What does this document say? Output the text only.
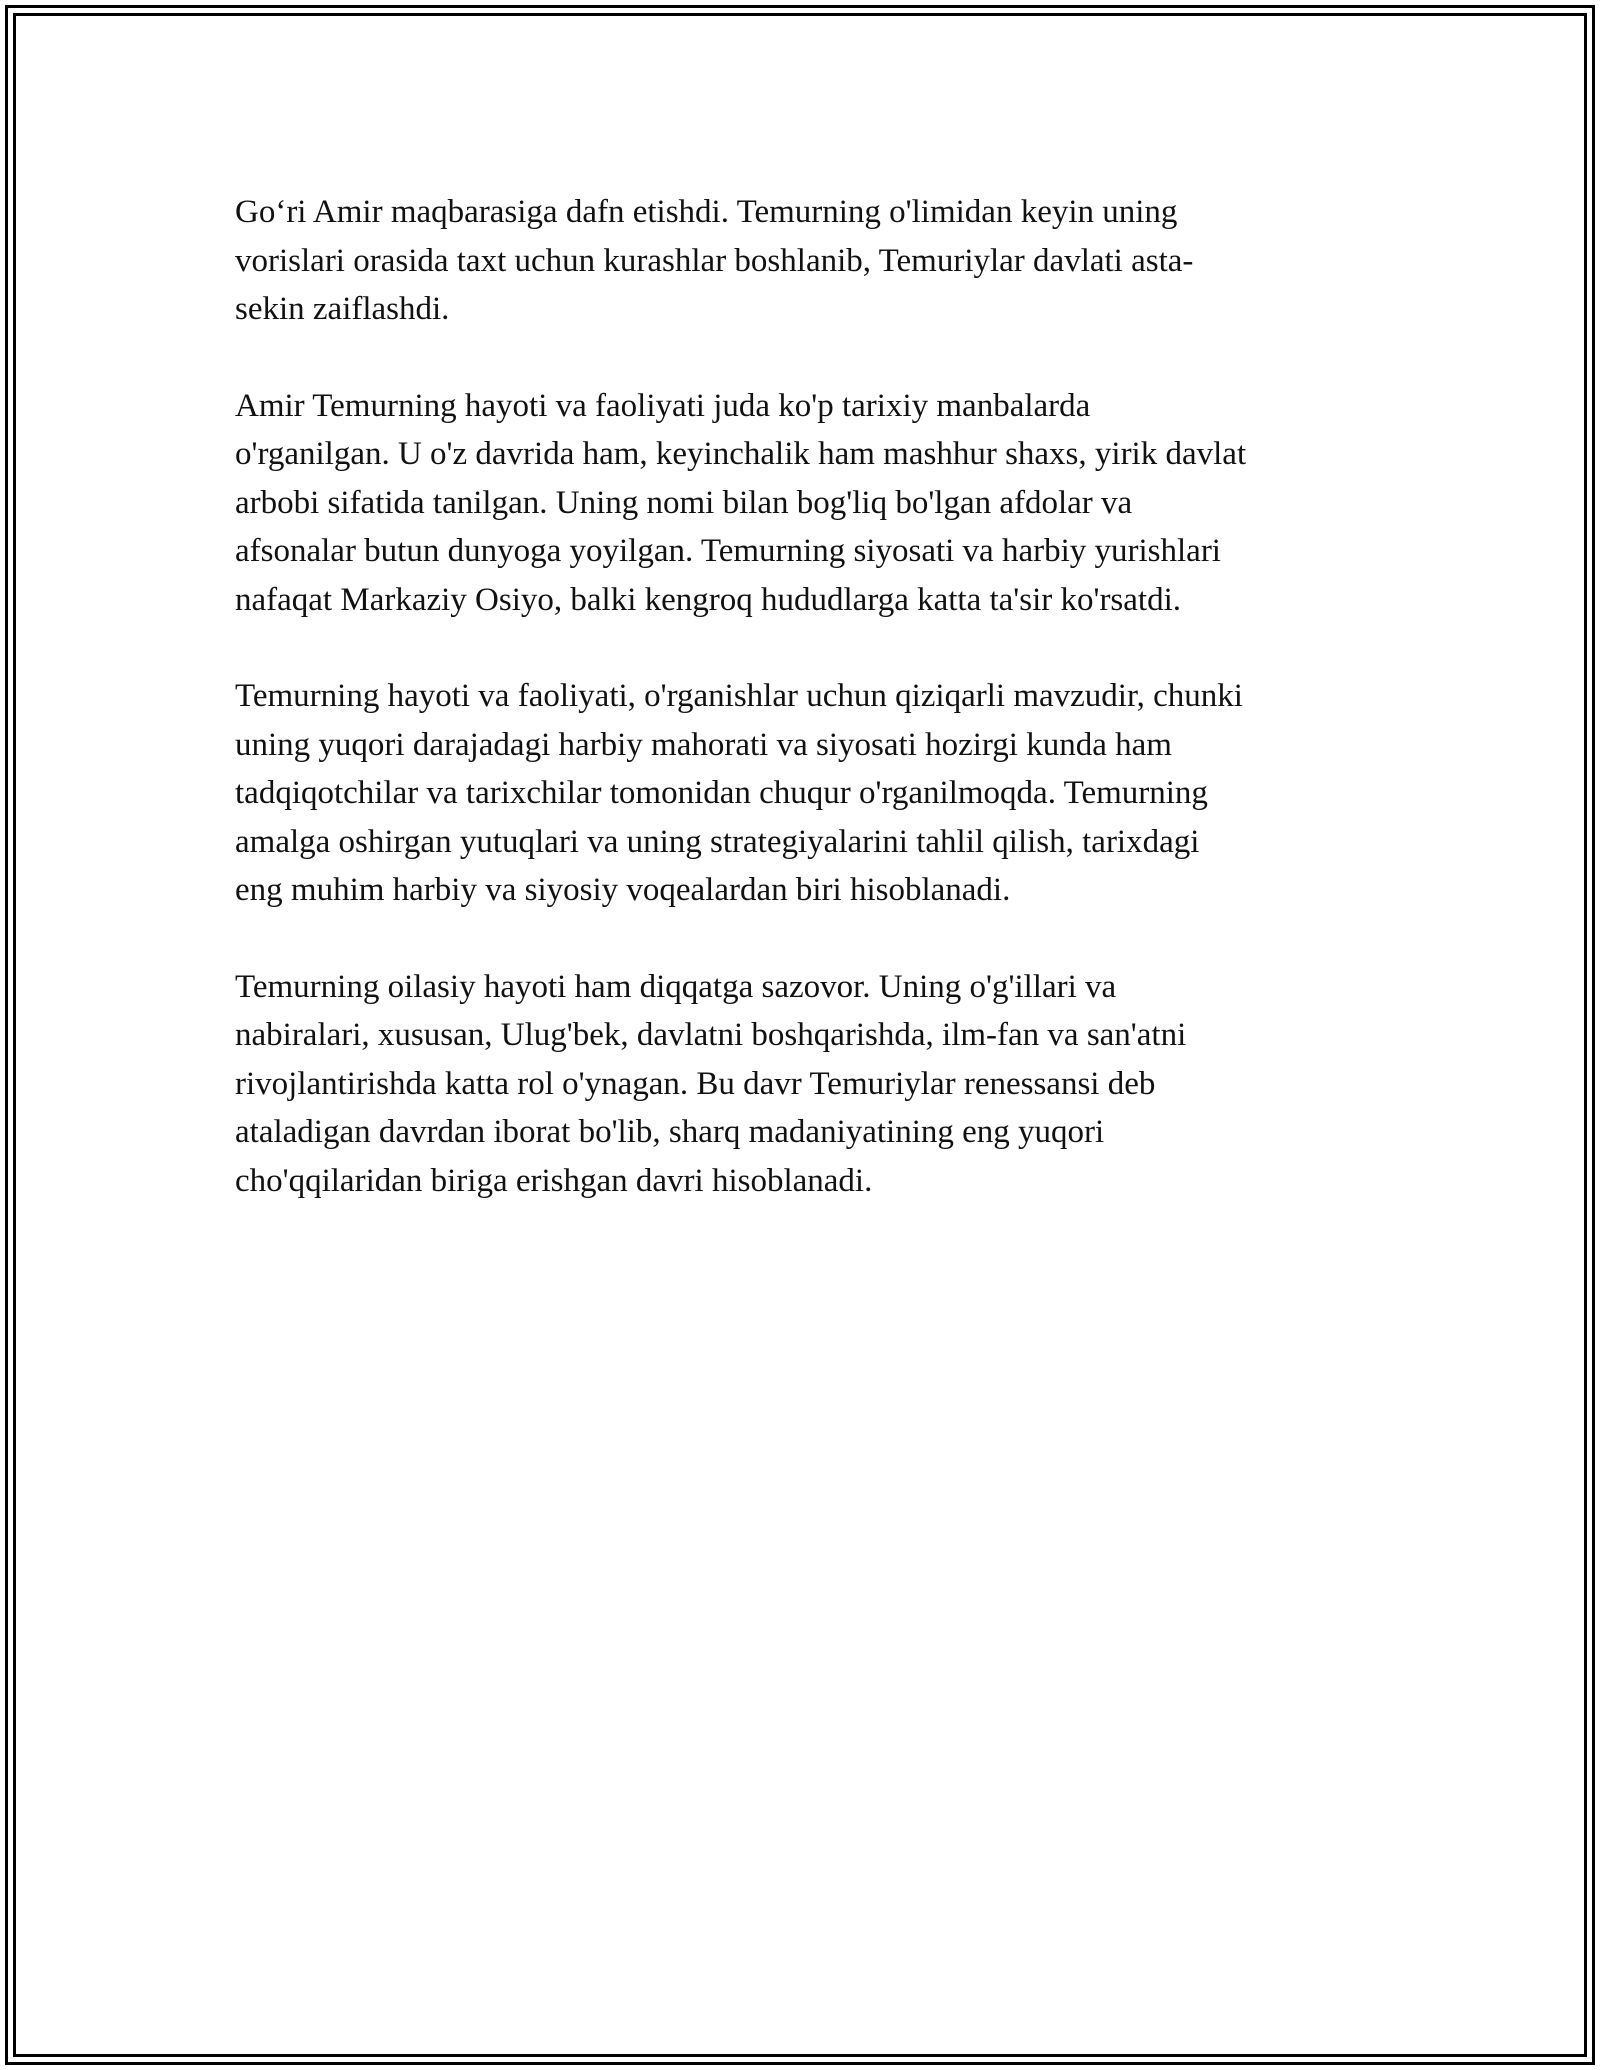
Go‘ri Amir maqbarasiga dafn etishdi. Temurning o'limidan keyin uning
vorislari orasida taxt uchun kurashlar boshlanib, Temuriylar davlati asta-
sekin zaiflashdi.

Amir Temurning hayoti va faoliyati juda ko'p tarixiy manbalarda
o'rganilgan. U o'z davrida ham, keyinchalik ham mashhur shaxs, yirik davlat
arbobi sifatida tanilgan. Uning nomi bilan bog'liq bo'lgan afdolar va
afsonalar butun dunyoga yoyilgan. Temurning siyosati va harbiy yurishlari
nafaqat Markaziy Osiyo, balki kengroq hududlarga katta ta'sir ko'rsatdi.

Temurning hayoti va faoliyati, o'rganishlar uchun qiziqarli mavzudir, chunki
uning yuqori darajadagi harbiy mahorati va siyosati hozirgi kunda ham
tadqiqotchilar va tarixchilar tomonidan chuqur o'rganilmoqda. Temurning
amalga oshirgan yutuqlari va uning strategiyalarini tahlil qilish, tarixdagi
eng muhim harbiy va siyosiy voqealardan biri hisoblanadi.

Temurning oilasiy hayoti ham diqqatga sazovor. Uning o'g'illari va
nabiralari, xususan, Ulug'bek, davlatni boshqarishda, ilm-fan va san'atni
rivojlantirishda katta rol o'ynagan. Bu davr Temuriylar renessansi deb
ataladigan davrdan iborat bo'lib, sharq madaniyatining eng yuqori
cho'qqilaridan biriga erishgan davri hisoblanadi.
